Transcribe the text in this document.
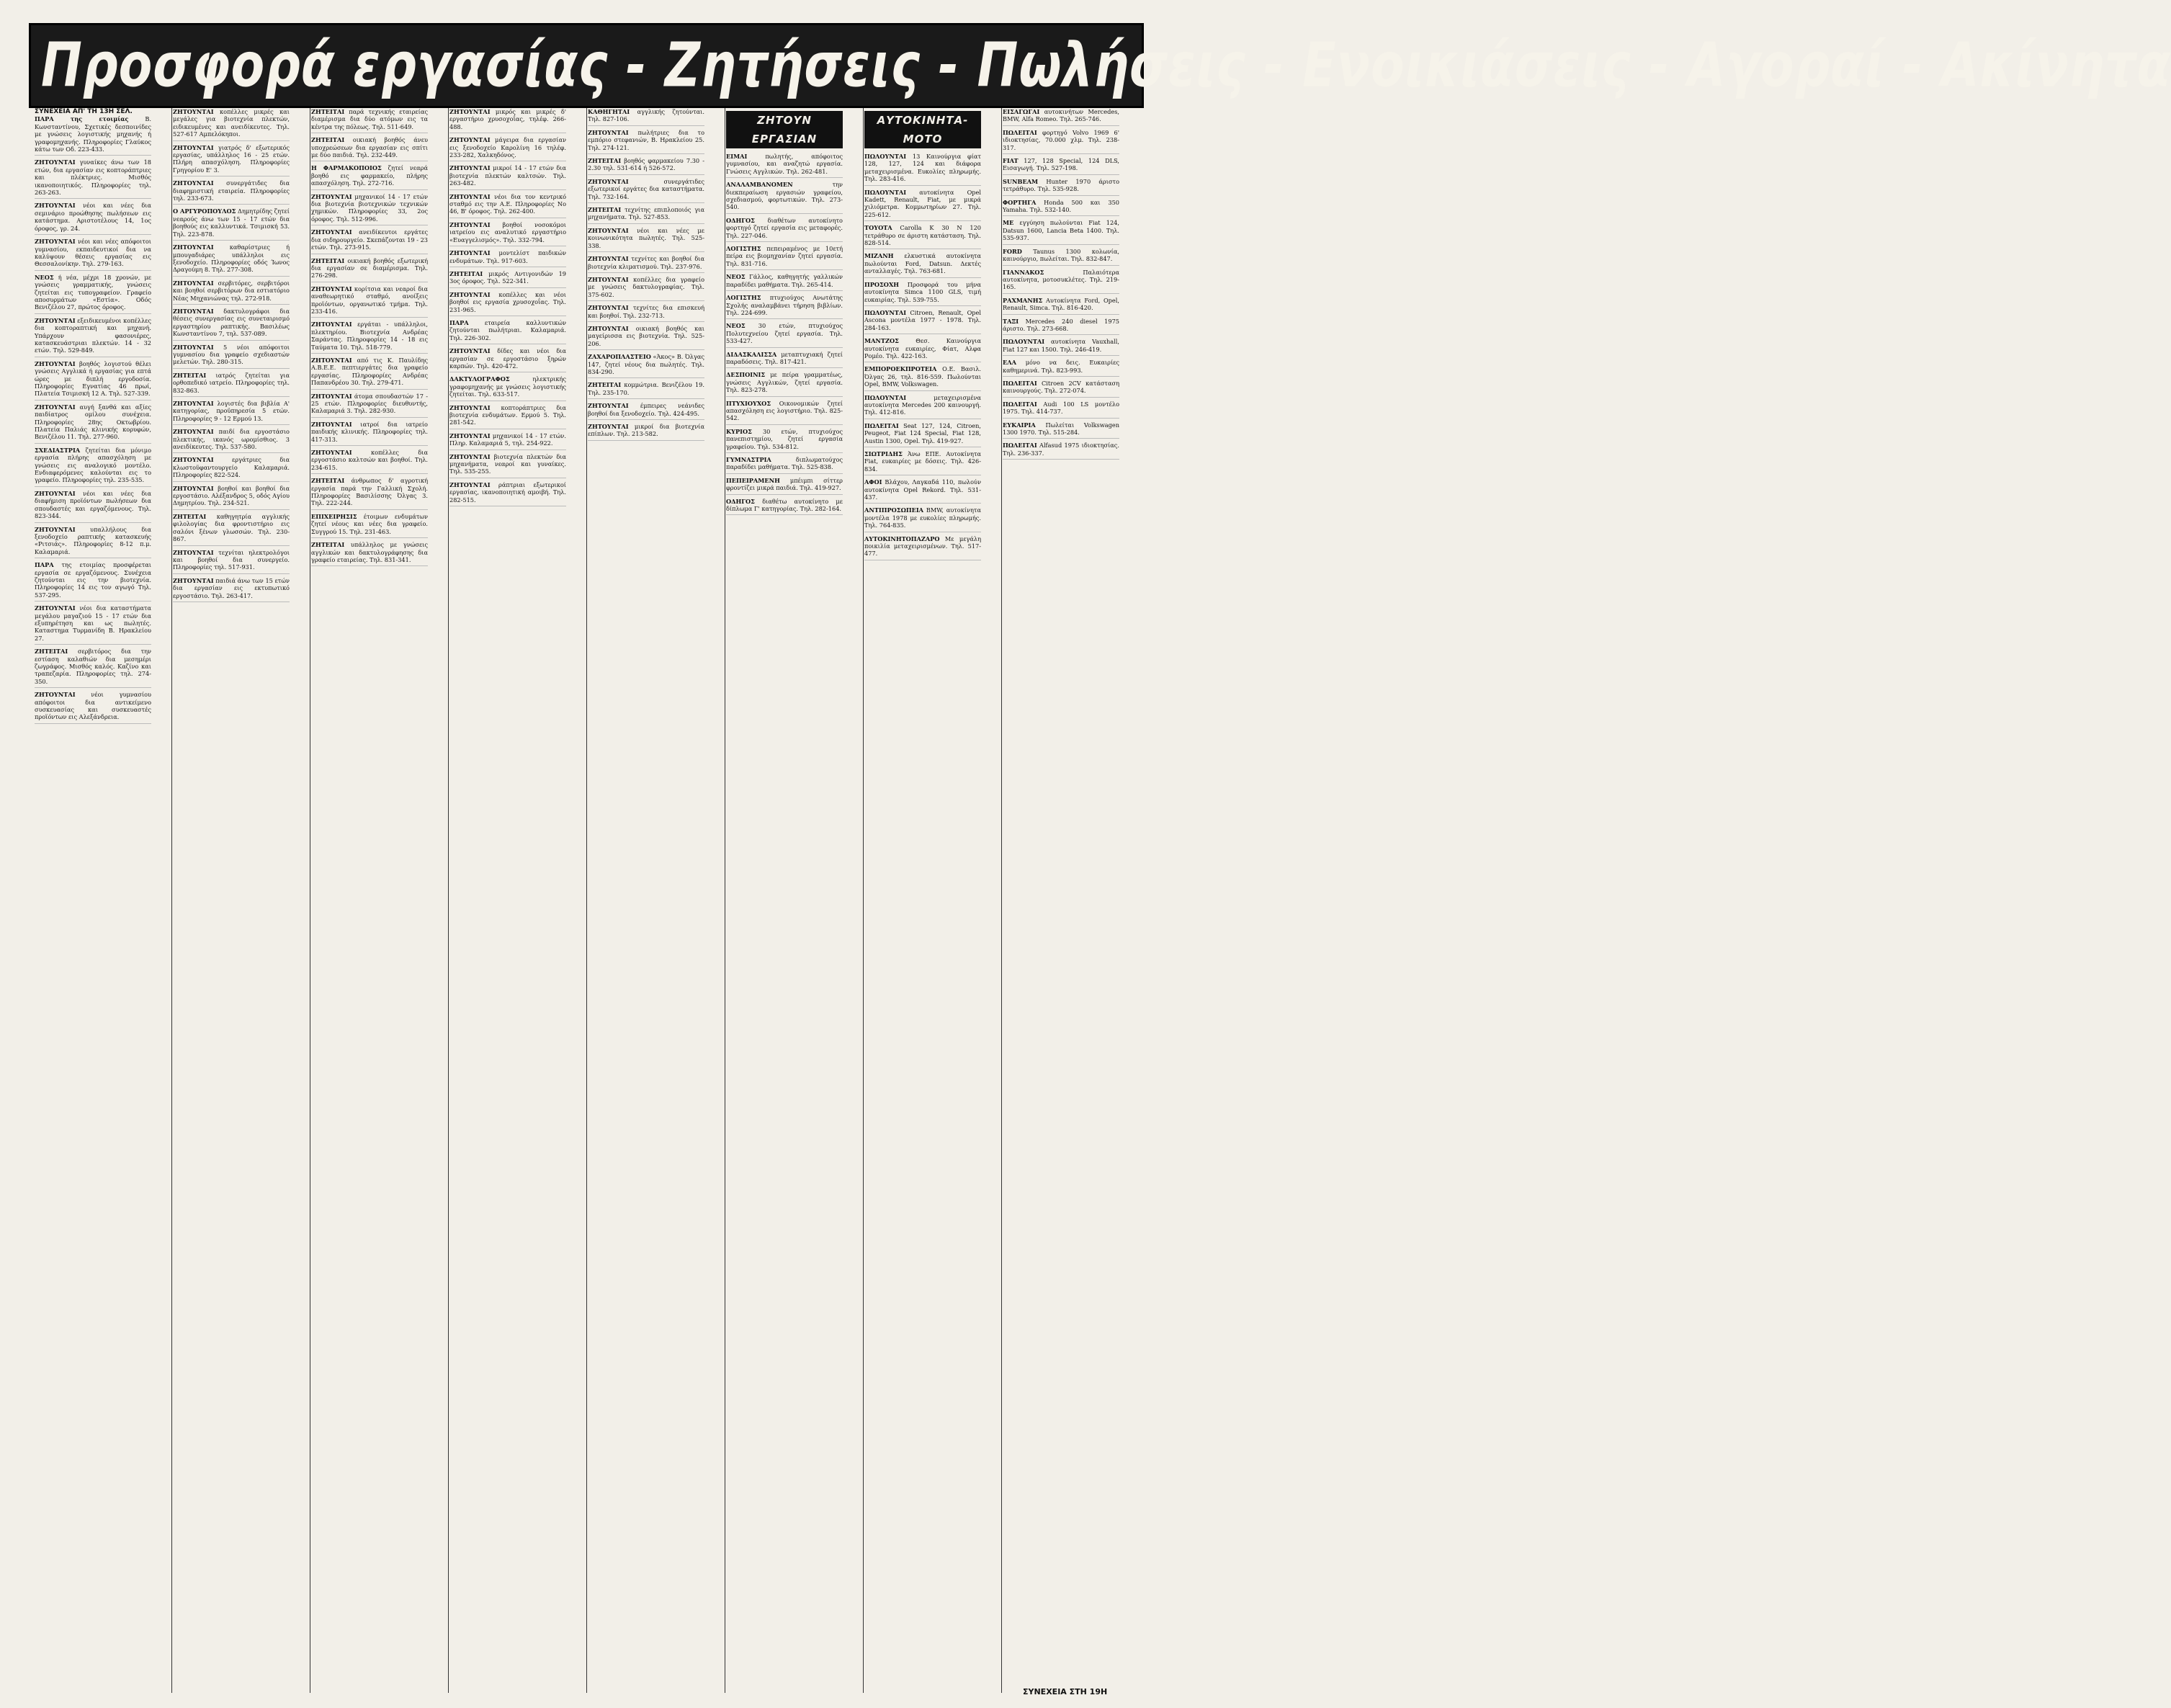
Προσφορά εργασίας - Ζητήσεις - Πωλήσεις - Ενοικιάσεις - Αγοραί - Ακίνητα
ΣΥΝΕΧΕΙΑ ΑΠ' ΤΗ 13Η ΣΕΛ.

ΠΑΡΑ της ετοιμίας Β. Κωνσταντίνου, Σχετικές δεσποινίδες με γνώσεις λογιστικής μηχανής ή γραφομηχανής. Πληροφορίες Γλαύκος κάτω των Οδ. 223-433.

ΖΗΤΟΥΝΤΑΙ γυναίκες άνω των 18 ετών, δια εργασίαν εις κοπτοράπτριες και πλέκτριες. Μισθός ικανοποιητικός. Πληροφορίες τηλ. 263-263.

ΖΗΤΟΥΝΤΑΙ νέοι και νέες δια σεμινάριο προώθησης πωλήσεων εις κατάστημα. Αριστοτέλους 14, 1ος όροφος, γρ. 24.

ΖΗΤΟΥΝΤΑΙ νέοι και νέες απόφοιτοι γυμνασίου, εκπαιδευτικοί δια να καλύψουν θέσεις εργασίας εις Θεσσαλονίκην. Τηλ. 279-163.

ΝΕΟΣ ή νέα, μέχρι 18 χρονών, με γνώσεις γραμματικής, γνώσεις ζητείται εις τυπογραφείον. Γραφείο αποσυρμάτων «Εστία». Οδός Βενιζέλου 27, πρώτος όροφος.

ΖΗΤΟΥΝΤΑΙ εξειδικευμένοι κοπέλλες δια κοπτοραπτική και μηχανή. Υπάρχουν φασονιέρες, κατασκευάστριαι πλεκτών. 14 - 32 ετών. Τηλ. 529-849.

ΖΗΤΟΥΝΤΑΙ βοηθός λογιστού θέλει γνώσεις Αγγλικά ή εργασίας για επτά ώρες με διπλή εργοδοσία. Πληροφορίες Εγνατίας 46 πρωί, Πλατεία Τσιμισκή 12 Α. Τηλ. 527-339.

ΖΗΤΟΥΝΤΑΙ αυγή ξανθά και αξίες παιδίατρος ομίλου συνέχεια. Πληροφορίες 28ης Οκτωβρίου. Πλατεία Παλιάς κλινικής κορυφών, Βενιζέλου 11. Τηλ. 277-960.

ΣΧΕΔΙΑΣΤΡΙΑ ζητείται δια μόνιμο εργασία πλήρης απασχόληση με γνώσεις εις αναλογικό μοντέλο. Ενδιαφερόμενες καλούνται εις το γραφείο. Πληροφορίες τηλ. 235-535.

ΖΗΤΟΥΝΤΑΙ νέοι και νέες δια διαφήμιση προϊόντων πωλήσεων δια σπουδαστές και εργαζόμενους. Τηλ. 823-344.

ΖΗΤΟΥΝΤΑΙ υπαλλήλους δια ξενοδοχείο ραπτικής κατασκευής «Ριτσιάς». Πληροφορίες 8-12 π.μ. Καλαμαριά.

ΠΑΡΑ της ετοιμίας προσφέρεται εργασία σε εργαζόμενους. Συνέχεια ζητούνται εις την βιοτεχνία. Πληροφορίες 14 εις τον αγωγό Τηλ. 537-295.

ΖΗΤΟΥΝΤΑΙ νέοι δια καταστήματα μεγάλου μαγαζιού 15 - 17 ετών δια εξυπηρέτηση και ως πωλητές. Καταστημα Τυρμανίδη Β. Ηρακλείου 27.

ΖΗΤΕΙΤΑΙ σερβιτόρος δια την εστίαση καλαθιών δια μεσημέρι ζωγράφος. Μισθός καλός. Καζίνο και τραπεζαρία. Πληροφορίες τηλ. 274-350.

ΖΗΤΟΥΝΤΑΙ νέοι γυμνασίου απόφοιτοι δια αντικείμενο συσκευασίας και συσκευαστές προϊόντων εις Αλεξάνδρεια.

ΖΗΤΟΥΝΤΑΙ κοπέλλες μικρές και μεγάλες για βιοτεχνία πλεκτών, ειδικευμένες και ανειδίκευτες. Τηλ. 527-617 Αμπελόκηποι.

ΖΗΤΟΥΝΤΑΙ γιατρός δ' εξωτερικός εργασίας, υπάλληλος 16 - 25 ετών. Πλήρη απασχόληση. Πληροφορίες Γρηγορίου Ε' 3.

ΖΗΤΟΥΝΤΑΙ συνεργάτιδες δια διαφημιστική εταιρεία. Πληροφορίες τηλ. 233-673.

Ο ΑΡΓΥΡΟΠΟΥΛΟΣ Δημητρίδης ζητεί νεαρούς άνω των 15 - 17 ετών δια βοηθούς εις καλλυντικά. Τσιμισκή 53. Τηλ. 223-878.

ΖΗΤΟΥΝΤΑΙ καθαρίστριες ή μπουγαδιάρες υπάλληλοι εις ξενοδοχείο. Πληροφορίες οδός Ίωνος Δραγούμη 8. Τηλ. 277-308.

ΖΗΤΟΥΝΤΑΙ σερβιτόρες, σερβιτόροι και βοηθοί σερβιτόρων δια εστιατόριο Νέας Μηχανιώνας τηλ. 272-918.

ΖΗΤΟΥΝΤΑΙ δακτυλογράφοι δια θέσεις συνεργασίας εις συνεταιρισμό εργαστηρίου ραπτικής. Βασιλέως Κωνσταντίνου 7, τηλ. 537-089.

ΖΗΤΟΥΝΤΑΙ 5 νέοι απόφοιτοι γυμνασίου δια γραφείο σχεδιαστών μελετών. Τηλ. 280-315.

ΖΗΤΕΙΤΑΙ ιατρός ζητείται για ορθοπεδικό ιατρείο. Πληροφορίες τηλ. 832-863.

ΖΗΤΟΥΝΤΑΙ λογιστές δια βιβλία Α' κατηγορίας, προϋπηρεσία 5 ετών. Πληροφορίες 9 - 12 Ερμού 13.

ΖΗΤΟΥΝΤΑΙ παιδί δια εργοστάσιο πλεκτικής, ικανός ωρομίσθιος. 3 ανειδίκευτες. Τηλ. 537-580.

ΖΗΤΟΥΝΤΑΙ εργάτριες δια κλωστοϋφαντουργείο Καλαμαριά. Πληροφορίες 822-524.

ΖΗΤΟΥΝΤΑΙ βοηθοί και βοηθοί δια εργοστάσιο. Αλέξανδρος 5, οδός Αγίου Δημητρίου. Τηλ. 234-521.

ΖΗΤΕΙΤΑΙ καθηγητρία αγγλικής φιλολογίας δια φροντιστήριο εις σαλόνι ξένων γλωσσών. Τηλ. 230-867.

ΖΗΤΟΥΝΤΑΙ τεχνίται ηλεκτρολόγοι και βοηθοί δια συνεργείο. Πληροφορίες τηλ. 517-931.

ΖΗΤΟΥΝΤΑΙ παιδιά άνω των 15 ετών δια εργασίαν εις εκτυπωτικό εργοστάσιο. Τηλ. 263-417.

ΖΗΤΕΙΤΑΙ παρά τεχνικής εταιρείας διαμέρισμα δια δύο ατόμων εις τα κέντρα της πόλεως. Τηλ. 511-649.

ΖΗΤΕΙΤΑΙ οικιακή βοηθός άνευ υποχρεώσεων δια εργασίαν εις σπίτι με δύο παιδιά. Τηλ. 232-449.

Η ΦΑΡΜΑΚΟΠΟΙΟΣ ζητεί νεαρά βοηθό εις φαρμακείο, πλήρης απασχόληση. Τηλ. 272-716.

ΖΗΤΟΥΝΤΑΙ μηχανικοί 14 - 17 ετών δια βιοτεχνία βιοτεχνικών τεχνικών χημικών. Πληροφορίες 33, 2ος όροφος. Τηλ. 512-996.

ΖΗΤΟΥΝΤΑΙ ανειδίκευτοι εργάτες δια σιδηρουργείο. Σκεπάζονται 19 - 23 ετών. Τηλ. 273-915.

ΖΗΤΕΙΤΑΙ οικιακή βοηθός εξωτερική δια εργασίαν σε διαμέρισμα. Τηλ. 276-298.

ΖΗΤΟΥΝΤΑΙ κορίτσια και νεαροί δια αναθεωρητικό σταθμό, ανοίξεις προϊόντων, οργανωτικό τμήμα. Τηλ. 233-416.

ΖΗΤΟΥΝΤΑΙ εργάται - υπάλληλοι, πλεκτηρίου. Βιοτεχνία Ανδρέας Σαράντας. Πληροφορίες 14 - 18 εις Ταύματα 10. Τηλ. 518-779.

ΖΗΤΟΥΝΤΑΙ από τις Κ. Παυλίδης Α.Β.Ε.Ε. πεπτιεργάτες δια γραφείο εργασίας. Πληροφορίες Ανδρέας Παπανδρέου 30. Τηλ. 279-471.

ΖΗΤΟΥΝΤΑΙ άτομα σπουδαστών 17 - 25 ετών. Πληροφορίες διευθυντής, Καλαμαριά 3. Τηλ. 282-930.

ΖΗΤΟΥΝΤΑΙ ιατροί δια ιατρείο παιδικής κλινικής. Πληροφορίες τηλ. 417-313.

ΖΗΤΟΥΝΤΑΙ κοπέλλες δια εργοστάσιο καλτσών και βοηθοί. Τηλ. 234-615.

ΖΗΤΕΙΤΑΙ άνθρωπος δ' αγροτική εργασία παρά την Γαλλική Σχολή. Πληροφορίες Βασιλίσσης Όλγας 3. Τηλ. 222-244.

ΕΠΙΧΕΙΡΗΣΙΣ έτοιμων ενδυμάτων ζητεί νέους και νέες δια γραφείο. Συγγρού 15. Τηλ. 231-463.

ΖΗΤΕΙΤΑΙ υπάλληλος με γνώσεις αγγλικών και δακτυλογράφησης δια γραφείο εταιρείας. Τηλ. 831-341.

ΖΗΤΟΥΝΤΑΙ μικρός και μικρές δ' εργαστήριο χρυσοχοΐας, τηλέφ. 266-488.

ΖΗΤΟΥΝΤΑΙ μάγειρα δια εργασίαν εις ξενοδοχείο Καρολίνη 16 τηλέφ. 233-282, Χαλκηδόνος.

ΖΗΤΟΥΝΤΑΙ μικροί 14 - 17 ετών δια βιοτεχνία πλεκτών καλτσών. Τηλ. 263-482.

ΖΗΤΟΥΝΤΑΙ νέοι δια τον κεντρικό σταθμό εις την Α.Ε. Πληροφορίες Νο 46, Β' όροφος. Τηλ. 262-400.

ΖΗΤΟΥΝΤΑΙ βοηθοί νοσοκόμοι ιατρείου εις αναλυτικό εργαστήριο «Ευαγγελισμός». Τηλ. 332-794.

ΖΗΤΟΥΝΤΑΙ μοντελίστ παιδικών ενδυμάτων. Τηλ. 917-603.

ΖΗΤΕΙΤΑΙ μικρός Αντιγονιδών 19 3ος όροφος. Τηλ. 522-341.

ΖΗΤΟΥΝΤΑΙ κοπέλλες και νέοι βοηθοί εις εργασία χρυσοχοΐας. Τηλ. 231-965.

ΠΑΡΑ εταιρεία καλλυντικών ζητούνται πωλήτριαι. Καλαμαριά. Τηλ. 226-302.

ΖΗΤΟΥΝΤΑΙ δίδες και νέοι δια εργασίαν σε εργοστάσιο ξηρών καρπών. Τηλ. 420-472.

ΔΑΚΤΥΛΟΓΡΑΦΟΣ ηλεκτρικής γραφομηχανής με γνώσεις λογιστικής ζητείται. Τηλ. 633-517.

ΖΗΤΟΥΝΤΑΙ κοπτοράπτριες δια βιοτεχνία ενδυμάτων. Ερμού 5. Τηλ. 281-542.

ΖΗΤΟΥΝΤΑΙ μηχανικοί 14 - 17 ετών. Πληρ. Καλαμαριά 5, τηλ. 254-922.

ΖΗΤΟΥΝΤΑΙ βιοτεχνία πλεκτών δια μηχανήματα, νεαροί και γυναίκες. Τηλ. 535-255.

ΖΗΤΟΥΝΤΑΙ ράπτριαι εξωτερικοί εργασίας, ικανοποιητική αμοιβή. Τηλ. 282-515.

ΚΑΘΗΓΗΤΑΙ αγγλικής ζητούνται. Τηλ. 827-106.

ΖΗΤΟΥΝΤΑΙ πωλήτριες δια το εμπόριο στεφανιών, Β. Ηρακλείου 25. Τηλ. 274-121.

ΖΗΤΕΙΤΑΙ βοηθός φαρμακείου 7.30 - 2.30 τηλ. 531-614 ή 526-572.

ΖΗΤΟΥΝΤΑΙ συνεργάτιδες εξωτερικοί εργάτες δια καταστήματα. Τηλ. 732-164.

ΖΗΤΕΙΤΑΙ τεχνίτης επιπλοποιός για μηχανήματα. Τηλ. 527-853.

ΖΗΤΟΥΝΤΑΙ νέοι και νέες με κοινωνικότητα πωλητές. Τηλ. 525-338.

ΖΗΤΟΥΝΤΑΙ τεχνίτες και βοηθοί δια βιοτεχνία κλιματισμού. Τηλ. 237-976.

ΖΗΤΟΥΝΤΑΙ κοπέλλες δια γραφείο με γνώσεις δακτυλογραφίας. Τηλ. 375-602.

ΖΗΤΟΥΝΤΑΙ τεχνίτες δια επισκευή και βοηθοί. Τηλ. 232-713.

ΖΗΤΟΥΝΤΑΙ οικιακή βοηθός και μαγείρισσα εις βιοτεχνία. Τηλ. 525-206.

ΖΑΧΑΡΟΠΛΑΣΤΕΙΟ «Άκος» Β. Όλγας 147, ζητεί νέους δια πωλητές. Τηλ. 834-290.

ΖΗΤΕΙΤΑΙ κομμώτρια. Βενιζέλου 19. Τηλ. 235-170.

ΖΗΤΟΥΝΤΑΙ έμπειρες νεάνιδες βοηθοί δια ξενοδοχείο. Τηλ. 424-495.

ΖΗΤΟΥΝΤΑΙ μικροί δια βιοτεχνία επίπλων. Τηλ. 213-582.

ΖΗΤΟΥΝ ΕΡΓΑΣΙΑΝ

ΕΙΜΑΙ πωλητής, απόφοιτος γυμνασίου, και αναζητώ εργασία. Γνώσεις Αγγλικών. Τηλ. 262-481.

ΑΝΑΛΑΜΒΑΝΟΜΕΝ την διεκπεραίωση εργασιών γραφείου, σχεδιασμού, φορτωτικών. Τηλ. 273-540.

ΟΔΗΓΟΣ διαθέτων αυτοκίνητο φορτηγό ζητεί εργασία εις μεταφορές. Τηλ. 227-046.

ΛΟΓΙΣΤΗΣ πεπειραμένος με 10ετή πείρα εις βιομηχανίαν ζητεί εργασία. Τηλ. 831-716.

ΝΕΟΣ Γάλλος, καθηγητής γαλλικών παραδίδει μαθήματα. Τηλ. 265-414.

ΛΟΓΙΣΤΗΣ πτυχιούχος Ανωτάτης Σχολής αναλαμβάνει τήρηση βιβλίων. Τηλ. 224-699.

ΝΕΟΣ 30 ετών, πτυχιούχος Πολυτεχνείου ζητεί εργασία. Τηλ. 533-427.

ΔΙΔΑΣΚΑΛΙΣΣΑ μεταπτυχιακή ζητεί παραδόσεις. Τηλ. 817-421.

ΔΕΣΠΟΙΝΙΣ με πείρα γραμματέως, γνώσεις Αγγλικών, ζητεί εργασία. Τηλ. 823-278.

ΠΤΥΧΙΟΥΧΟΣ Οικονομικών ζητεί απασχόληση εις λογιστήριο. Τηλ. 825-542.

ΚΥΡΙΟΣ 30 ετών, πτυχιούχος πανεπιστημίου, ζητεί εργασία γραφείου. Τηλ. 534-812.

ΓΥΜΝΑΣΤΡΙΑ διπλωματούχος παραδίδει μαθήματα. Τηλ. 525-838.

ΠΕΠΕΙΡΑΜΕΝΗ μπέιμπι σίττερ φροντίζει μικρά παιδιά. Τηλ. 419-927.

ΟΔΗΓΟΣ διαθέτω αυτοκίνητο με δίπλωμα Γ' κατηγορίας. Τηλ. 282-164.

ΑΥΤΟΚΙΝΗΤΑ-ΜΟΤΟ

ΠΩΛΟΥΝΤΑΙ 13 Καινούργια φίατ 128, 127, 124 και διάφορα μεταχειρισμένα. Ευκολίες πληρωμής. Τηλ. 283-416.

ΠΩΛΟΥΝΤΑΙ αυτοκίνητα Opel Kadett, Renault, Fiat, με μικρά χιλιόμετρα. Κομμωτηρίων 27. Τηλ. 225-612.

ΤΟΥΟΤΑ Carolla Κ 30 Ν 120 τετράθυρο σε άριστη κατάσταση. Τηλ. 828-514.

ΜΙΖΑΝΗ ελκυστικά αυτοκίνητα πωλούνται Ford, Datsun. Δεκτές ανταλλαγές. Τηλ. 763-681.

ΠΡΟΣΟΧΗ Προσφορά του μήνα αυτοκίνητα Simca 1100 GLS, τιμή ευκαιρίας. Τηλ. 539-755.

ΠΩΛΟΥΝΤΑΙ Citroen, Renault, Opel Ascona μοντέλα 1977 - 1978. Τηλ. 284-163.

ΜΑΝΤΖΟΣ Θεσ. Καινούργια αυτοκίνητα ευκαιρίες, Φίατ, Αλφα Ρομέο. Τηλ. 422-163.

ΕΜΠΟΡΟΕΚΠΡΟΤΕΙΑ Ο.Ε. Βασιλ. Όλγας 26, τηλ. 816-559. Πωλούνται Opel, BMW, Volkswagen.

ΠΩΛΟΥΝΤΑΙ μεταχειρισμένα αυτοκίνητα Mercedes 200 καινουργή. Τηλ. 412-816.

ΠΩΛΕΙΤΑΙ Seat 127, 124, Citroen, Peugeot, Fiat 124 Special, Fiat 128, Austin 1300, Opel. Τηλ. 419-927.

ΣΙΩΤΡΙΔΗΣ Άνω ΕΠΕ. Αυτοκίνητα Fiat, ευκαιρίες με δόσεις. Τηλ. 426-834.

ΑΦΟΙ Βλάχου, Λαγκαδά 110, πωλούν αυτοκίνητα Opel Rekord. Τηλ. 531-437.

ΑΝΤΙΠΡΟΣΩΠΕΙΑ BMW, αυτοκίνητα μοντέλα 1978 με ευκολίες πληρωμής. Τηλ. 764-835.

ΑΥΤΟΚΙΝΗΤΟΠΑΖΑΡΟ Με μεγάλη ποικιλία μεταχειρισμένων. Τηλ. 517-477.

ΕΙΣΑΓΩΓΑΙ αυτοκινήτων Mercedes, BMW, Alfa Romeo. Τηλ. 265-746.

ΠΩΛΕΙΤΑΙ φορτηγό Volvo 1969 6' ιδιοκτησίας, 70.000 χλμ. Τηλ. 238-317.

FIAT 127, 128 Special, 124 DLS, Εισαγωγή. Τηλ. 527-198.

SUNBEAM Hunter 1970 άριστο τετράθυρο. Τηλ. 535-928.

ΦΟΡΤΗΓΑ Honda 500 και 350 Yamaha. Τηλ. 532-140.

ΜΕ εγγύηση πωλούνται Fiat 124, Datsun 1600, Lancia Beta 1400. Τηλ. 535-937.

FORD Taunus 1300 κολωνία, καινούργιο, πωλείται. Τηλ. 832-847.

ΓΙΑΝΝΑΚΟΣ Παλαιότερα αυτοκίνητα, μοτοσυκλέτες. Τηλ. 219-165.

ΡΑΧΜΑΝΗΣ Αυτοκίνητα Ford, Opel, Renault, Simca. Τηλ. 816-420.

ΤΑΞΙ Mercedes 240 diesel 1975 άριστο. Τηλ. 273-668.

ΠΩΛΟΥΝΤΑΙ αυτοκίνητα Vauxhall, Fiat 127 και 1500. Τηλ. 246-419.

ΕΛΑ μόνο να δεις. Ευκαιρίες καθημερινά. Τηλ. 823-993.

ΠΩΛΕΙΤΑΙ Citroen 2CV κατάσταση καινουργούς. Τηλ. 272-074.

ΠΩΛΕΙΤΑΙ Αudi 100 LS μοντέλο 1975. Τηλ. 414-737.

ΕΥΚΑΙΡΙΑ Πωλείται Volkswagen 1300 1970. Τηλ. 515-284.

ΠΩΛΕΙΤΑΙ Alfasud 1975 ιδιοκτησίας. Τηλ. 236-337.

ΣΥΝΕΧΕΙΑ ΣΤΗ 19Η
